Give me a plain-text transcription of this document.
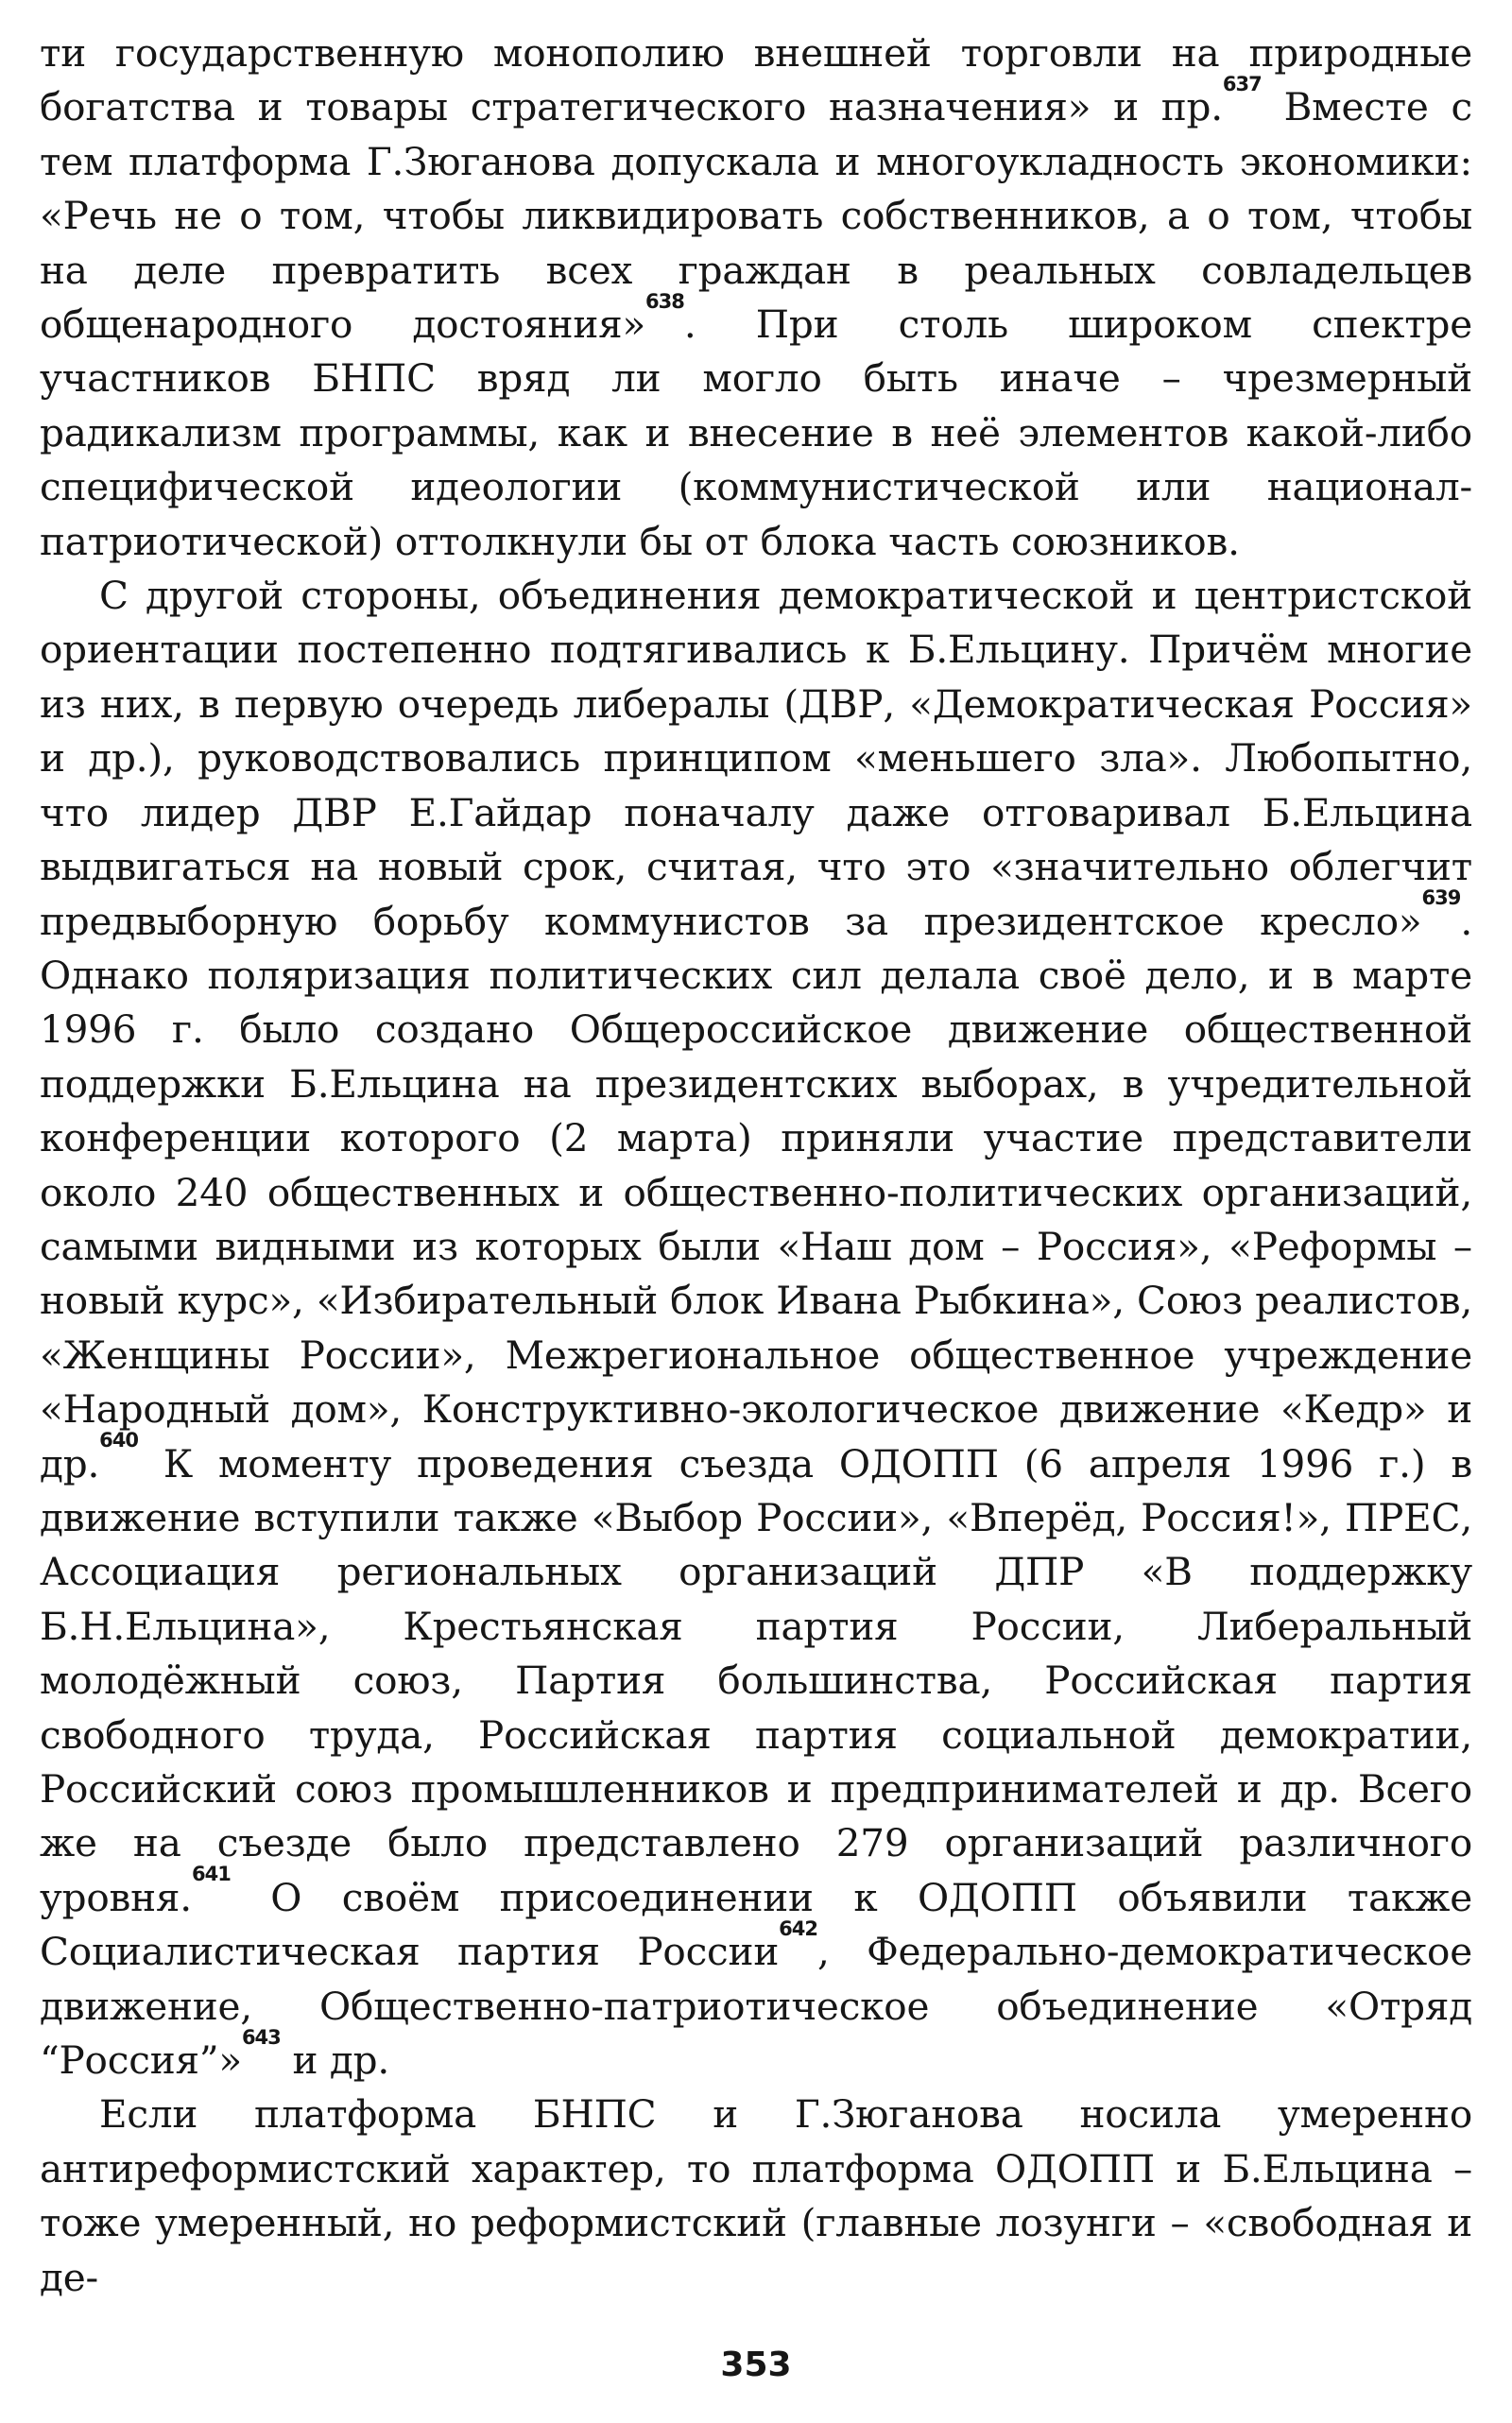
ти государственную монополию внешней торговли на природные богатства и товары стратегического назначения» и пр.$^{637}$ Вместе с тем платформа Г.Зюганова допускала и многоукладность экономики: «Речь не о том, чтобы ликвидировать собственников, а о том, чтобы на деле превратить всех граждан в реальных совладельцев общенародного достояния»$^{638}$. При столь широком спектре участников БНПС вряд ли могло быть иначе – чрезмерный радикализм программы, как и внесение в неё элементов какой-либо специфической идеологии (коммунистической или национал-патриотической) оттолкнули бы от блока часть союзников.

С другой стороны, объединения демократической и центристской ориентации постепенно подтягивались к Б.Ельцину. Причём многие из них, в первую очередь либералы (ДВР, «Демократическая Россия» и др.), руководствовались принципом «меньшего зла». Любопытно, что лидер ДВР Е.Гайдар поначалу даже отговаривал Б.Ельцина выдвигаться на новый срок, считая, что это «значительно облегчит предвыборную борьбу коммунистов за президентское кресло»$^{639}$. Однако поляризация политических сил делала своё дело, и в марте 1996 г. было создано Общероссийское движение общественной поддержки Б.Ельцина на президентских выборах, в учредительной конференции которого (2 марта) приняли участие представители около 240 общественных и общественно-политических организаций, самыми видными из которых были «Наш дом – Россия», «Реформы – новый курс», «Избирательный блок Ивана Рыбкина», Союз реалистов, «Женщины России», Межрегиональное общественное учреждение «Народный дом», Конструктивно-экологическое движение «Кедр» и др.$^{640}$ К моменту проведения съезда ОДОПП (6 апреля 1996 г.) в движение вступили также «Выбор России», «Вперёд, Россия!», ПРЕС, Ассоциация региональных организаций ДПР «В поддержку Б.Н.Ельцина», Крестьянская партия России, Либеральный молодёжный союз, Партия большинства, Российская партия свободного труда, Российская партия социальной демократии, Российский союз промышленников и предпринимателей и др. Всего же на съезде было представлено 279 организаций различного уровня.$^{641}$ О своём присоединении к ОДОПП объявили также Социалистическая партия России$^{642}$, Федерально-демократическое движение, Общественно-патриотическое объединение «Отряд “Россия”»$^{643}$ и др.

Если платформа БНПС и Г.Зюганова носила умеренно антиреформистский характер, то платформа ОДОПП и Б.Ельцина – тоже умеренный, но реформистский (главные лозунги – «свободная и де-

353
